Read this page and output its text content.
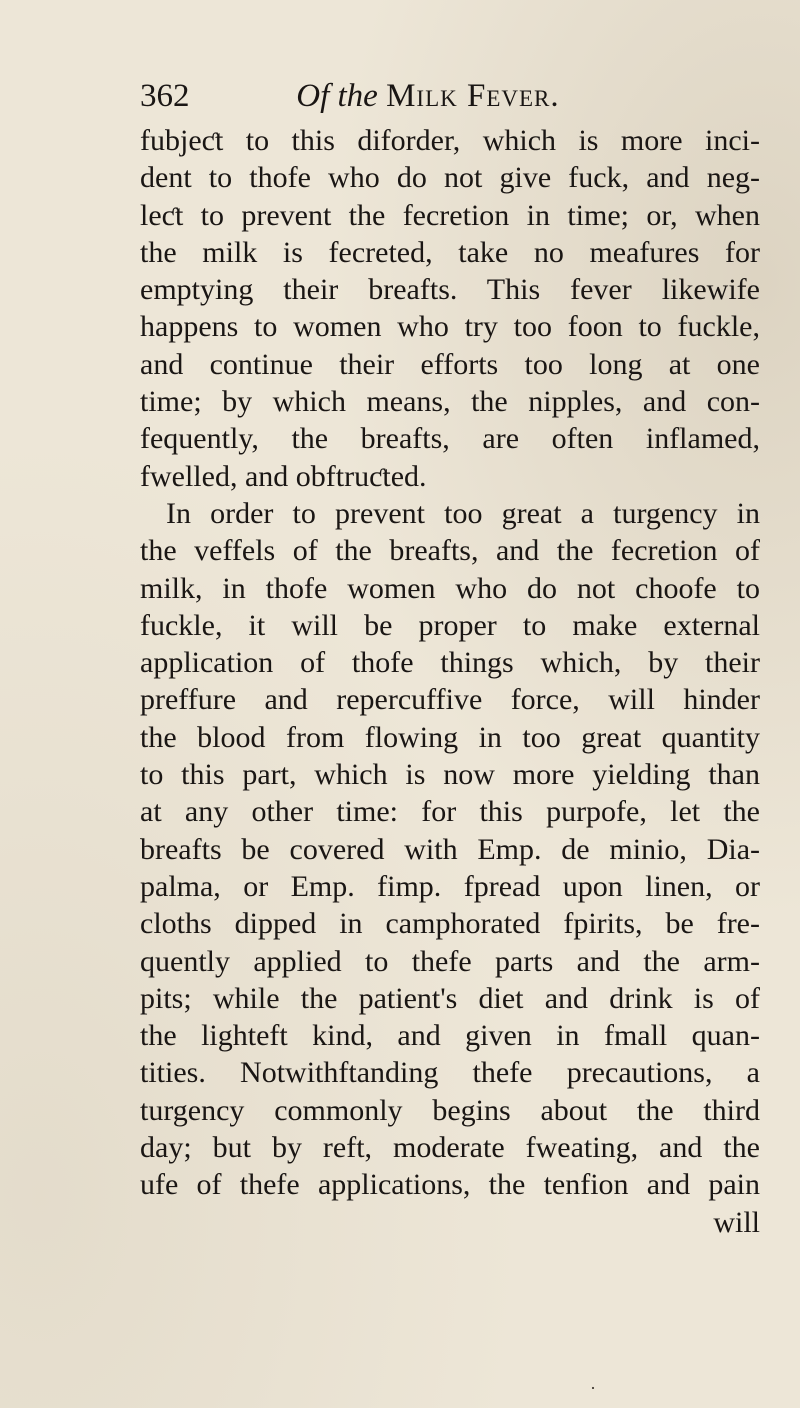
362	Of the Milk Fever.
fubjeƈt to this diforder, which is more inci-
dent to thofe who do not give fuck, and neg-
leƈt to prevent the fecretion in time; or, when
the milk is fecreted, take no meafures for
emptying their breafts. This fever likewife
happens to women who try too foon to fuckle,
and continue their efforts too long at one
time; by which means, the nipples, and con-
fequently, the breafts, are often inflamed,
fwelled, and obftruƈted.
In order to prevent too great a turgency in
the veffels of the breafts, and the fecretion of
milk, in thofe women who do not choofe to
fuckle, it will be proper to make external
application of thofe things which, by their
preffure and repercuffive force, will hinder
the blood from flowing in too great quantity
to this part, which is now more yielding than
at any other time: for this purpofe, let the
breafts be covered with Emp. de minio, Dia-
palma, or Emp. fimp. fpread upon linen, or
cloths dipped in camphorated fpirits, be fre-
quently applied to thefe parts and the arm-
pits; while the patient's diet and drink is of
the lighteft kind, and given in fmall quan-
tities. Notwithftanding thefe precautions, a
turgency commonly begins about the third
day; but by reft, moderate fweating, and the
ufe of thefe applications, the tenfion and pain
will
·
